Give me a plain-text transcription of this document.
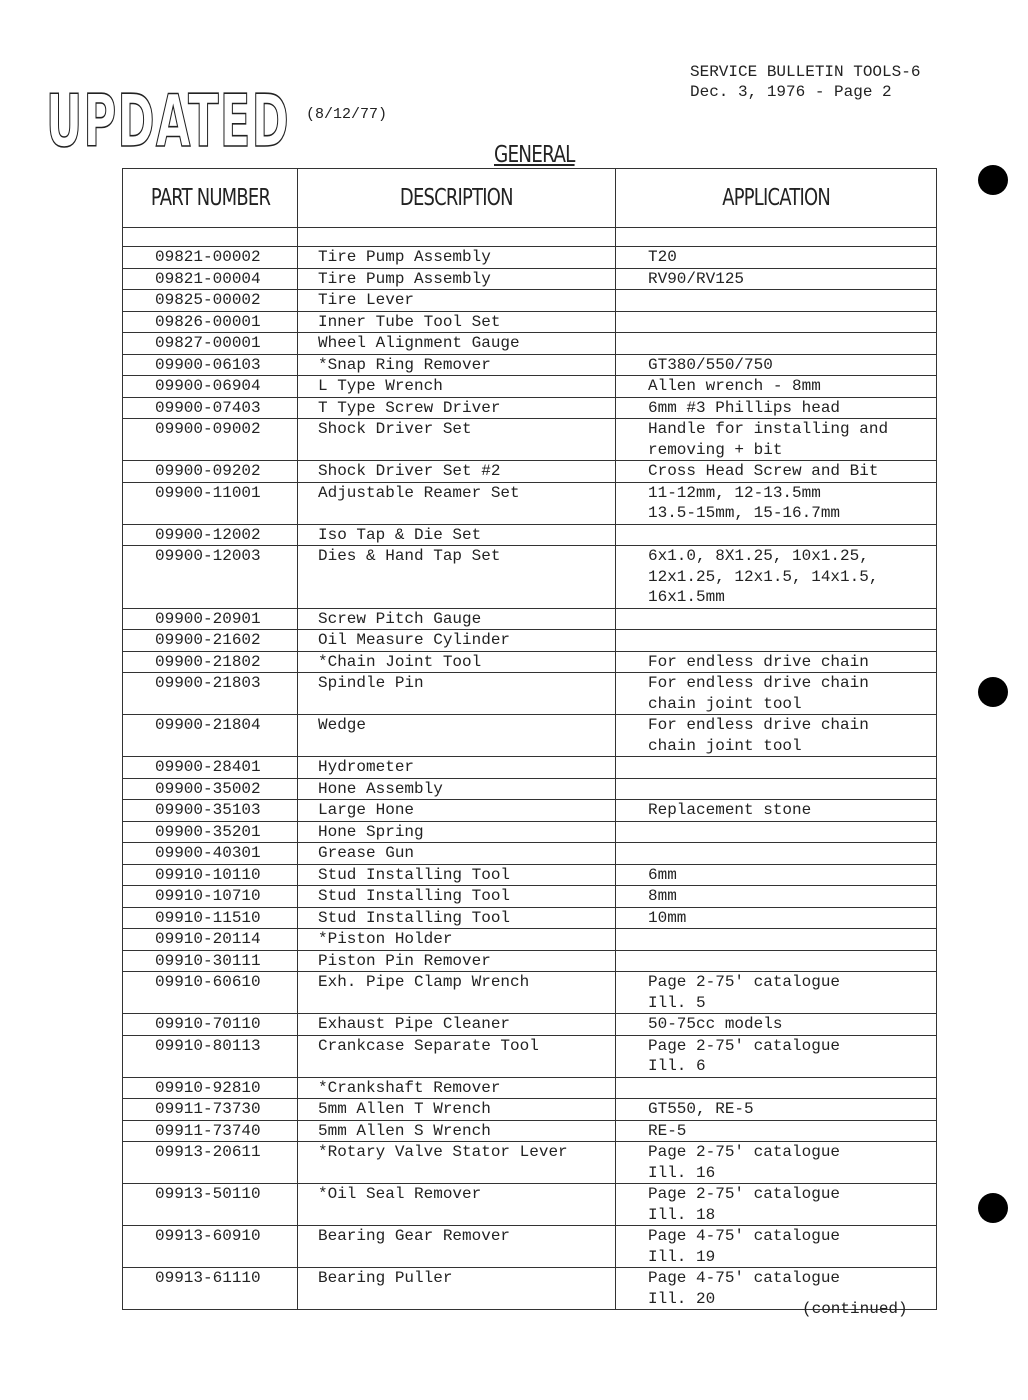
UPDATED (8/12/77)
SERVICE BULLETIN TOOLS-6
Dec. 3, 1976 - Page 2
GENERAL
PART NUMBER	DESCRIPTION	APPLICATION

09821-00002	Tire Pump Assembly	T20
09821-00004	Tire Pump Assembly	RV90/RV125
09825-00002	Tire Lever	
09826-00001	Inner Tube Tool Set	
09827-00001	Wheel Alignment Gauge	
09900-06103	*Snap Ring Remover	GT380/550/750
09900-06904	L Type Wrench	Allen wrench - 8mm
09900-07403	T Type Screw Driver	6mm #3 Phillips head
09900-09002	Shock Driver Set	Handle for installing and
removing + bit
09900-09202	Shock Driver Set #2	Cross Head Screw and Bit
09900-11001	Adjustable Reamer Set	11-12mm, 12-13.5mm
13.5-15mm, 15-16.7mm
09900-12002	Iso Tap & Die Set	
09900-12003	Dies & Hand Tap Set	6x1.0, 8X1.25, 10x1.25,
12x1.25, 12x1.5, 14x1.5,
16x1.5mm
09900-20901	Screw Pitch Gauge	
09900-21602	Oil Measure Cylinder	
09900-21802	*Chain Joint Tool	For endless drive chain
09900-21803	Spindle Pin	For endless drive chain
chain joint tool
09900-21804	Wedge	For endless drive chain
chain joint tool
09900-28401	Hydrometer	
09900-35002	Hone Assembly	
09900-35103	Large Hone	Replacement stone
09900-35201	Hone Spring	
09900-40301	Grease Gun	
09910-10110	Stud Installing Tool	6mm
09910-10710	Stud Installing Tool	8mm
09910-11510	Stud Installing Tool	10mm
09910-20114	*Piston Holder	
09910-30111	Piston Pin Remover	
09910-60610	Exh. Pipe Clamp Wrench	Page 2-75' catalogue
Ill. 5
09910-70110	Exhaust Pipe Cleaner	50-75cc models
09910-80113	Crankcase Separate Tool	Page 2-75' catalogue
Ill. 6
09910-92810	*Crankshaft Remover	
09911-73730	5mm Allen T Wrench	GT550, RE-5
09911-73740	5mm Allen S Wrench	RE-5
09913-20611	*Rotary Valve Stator Lever	Page 2-75' catalogue
Ill. 16
09913-50110	*Oil Seal Remover	Page 2-75' catalogue
Ill. 18
09913-60910	Bearing Gear Remover	Page 4-75' catalogue
Ill. 19
09913-61110	Bearing Puller	Page 4-75' catalogue
Ill. 20
(continued)
